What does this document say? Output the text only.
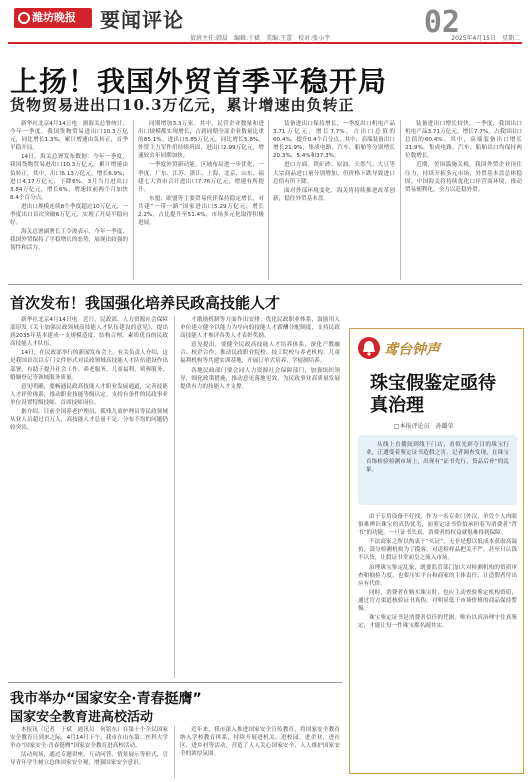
潍坊晚报	要闻评论
值班主任:韩晨　编辑:于斌　美编:王蕾　校对:张小宇	02
2025年4月15日　星期二
上扬！我国外贸首季平稳开局
货物贸易进出口10.3万亿元，累计增速由负转正

新华社北京4月14日电　据海关总署统计，今年一季度，我国货物贸易进出口10.3万亿元，同比增长1.3%，累计增速由负转正，首季平稳开局。

14日，海关总署发布数据：今年一季度，我国货物贸易进出口10.3万亿元，累计增速由负转正。其中，出口6.13万亿元，增长6.9%；进口4.17万亿元，下降6%。3月当月进出口3.84万亿元，增长6%，增速较前两个月加快8.4个百分点。

进出口规模连续8个季度超过10万亿元，一季度出口首次突破6万亿元，实现了开局平稳向好。

海关总署副署长王令浚表示，今年一季度，我国外贸保持了平稳增长的态势，展现出较强的韧性和活力。

同期增加3.3万家。其中，民营企业数量和进出口规模都实现增长，占到同期全部企业数量比重的85.1%。进出口5.85万亿元，同比增长5.8%，外贸主力军作用持续巩固，进出口2.99万亿元，增速较去年同期加快。

一季度外贸新动能，区域布局进一步优化，一季度，广东、江苏、浙江、上海、北京、山东、福建七大省市合计进出口7.76万亿元，增速有所提升。

东盟、欧盟等主要贸易伙伴保持稳定增长，对共建“一带一路”国家进出口5.29万亿元，增长2.2%，占比提升至51.4%，市场多元化取得积极进展。

装备进出口保持增长，一季度出口机电产品3.71万亿元，增长7.7%，占出口总值的60.4%，提升0.4个百分点。其中，高端装备出口增长21.9%，集成电路、汽车、船舶等分别增长20.3%、5.4%和37.3%。

进口方面，铁矿砂、原油、天然气、大豆等大宗商品进口量分别增加，但价格下跌导致进口总值有所下降。

面对外部环境变化，海关将持续推进改革创新，稳住外贸基本盘。

装备进出口增长较快。一季度，我国出口机电产品3.71万亿元，增长7.7%，占我国出口总值的60.4%。其中，高端装备出口增长21.9%，集成电路、汽车、船舶出口均保持两位数增长。

近期，美国滥施关税，我国外贸企业顶住压力，持续开拓多元市场，外贸基本盘总体稳固。中国海关将持续优化口岸营商环境，推动贸易便利化，全力以赴稳外贸。

首次发布！我国强化培养民政高技能人才

新华社北京4月14日电　近日，民政部、人力资源社会保障部印发《关于加强民政领域高技能人才队伍建设的意见》，提出到2035年基本建成一支规模适度、结构合理、素质优良的民政高技能人才队伍。

14日，在民政部举行的新闻发布会上，有关负责人介绍，这是我国首次以专门文件形式对民政领域高技能人才队伍建设作出部署，有助于提升社会工作、养老服务、儿童福利、殡葬服务、婚姻登记等领域服务质量。

意见明确，要畅通民政高技能人才职业发展通道，完善技能人才评价体系，推动职业技能等级认定，支持有条件的民政事业单位设置特级技师、首席技师岗位。

据介绍，目前全国养老护理员、孤残儿童护理员等民政领域从业人员超过百万人，高技能人才总量不足、分布不均的问题仍较突出。

才激励机制等方面作出安排：优化民政职业体系，鼓励用人单位建立健全以能力为导向的技能人才薪酬分配制度，支持民政高技能人才参评各类人才表彰奖励。

意见提出，要健全民政高技能人才培养体系，深化产教融合、校企合作，推动民政职业院校、技工院校与养老机构、儿童福利机构等共建实训基地，开展订单式培养、学徒制培养。

各地民政部门要会同人力资源社会保障部门，加强组织领导，细化政策措施，推动意见落地见效，为民政事业高质量发展提供有力的技能人才支撑。

我市举办“国家安全·青春挺膺”
国家安全教育进高校活动

本报讯（记者　于斌　通讯员　何铭东）在第十个全民国家安全教育日到来之际，4月14日下午，我市在山东第二医科大学举办“国家安全·青春挺膺”国家安全教育进高校活动。

活动现场，通过专题讲座、互动问答、情景展示等形式，引导青年学生树立总体国家安全观，增强国家安全意识。

近年来，我市深入推进国家安全宣传教育，将国家安全教育纳入学校教育体系，持续开展进机关、进校园、进企业、进社区、进乡村等活动，营造了人人关心国家安全、人人维护国家安全的浓厚氛围。

鸢台钟声
珠宝假鉴定亟待真治理
□本报评论员　孙璐荣

从线上直播间到线下门店，看似光彩夺目的珠宝行业，正遭受着鉴定证书造假之害。记者调查发现，在珠宝首饰检验检测市场上，出现有“证书先行、货品后补”的乱象。

由于专用设备不好找，作为一名专业门外汉，单凭个人肉眼很难辨识珠宝的真伪优劣，而鉴定证书恰恰承担着为消费者“背书”的功能。一旦证书失真，消费者的权益就很难得到保障。

不法商家之所以热衷于“买证”，无非是想以低成本获取高溢价。部分检测机构为了揽客，对送检样品把关不严，甚至只认钱不认货，让假证书堂而皇之流入市场。

治理珠宝鉴定乱象，既要监管部门加大对检测机构的资质审查和抽检力度，也要压实平台和商家的主体责任，让造假者付出应有代价。

同时，消费者在购买珠宝时，也应主动查验鉴定机构资质，通过官方渠道核验证书真伪，对明显低于市场价格的商品保持警惕。

珠宝鉴定证书是消费者信任的凭据。唯有以真治理守住真鉴定，才能让每一件珠宝都名副其实。
